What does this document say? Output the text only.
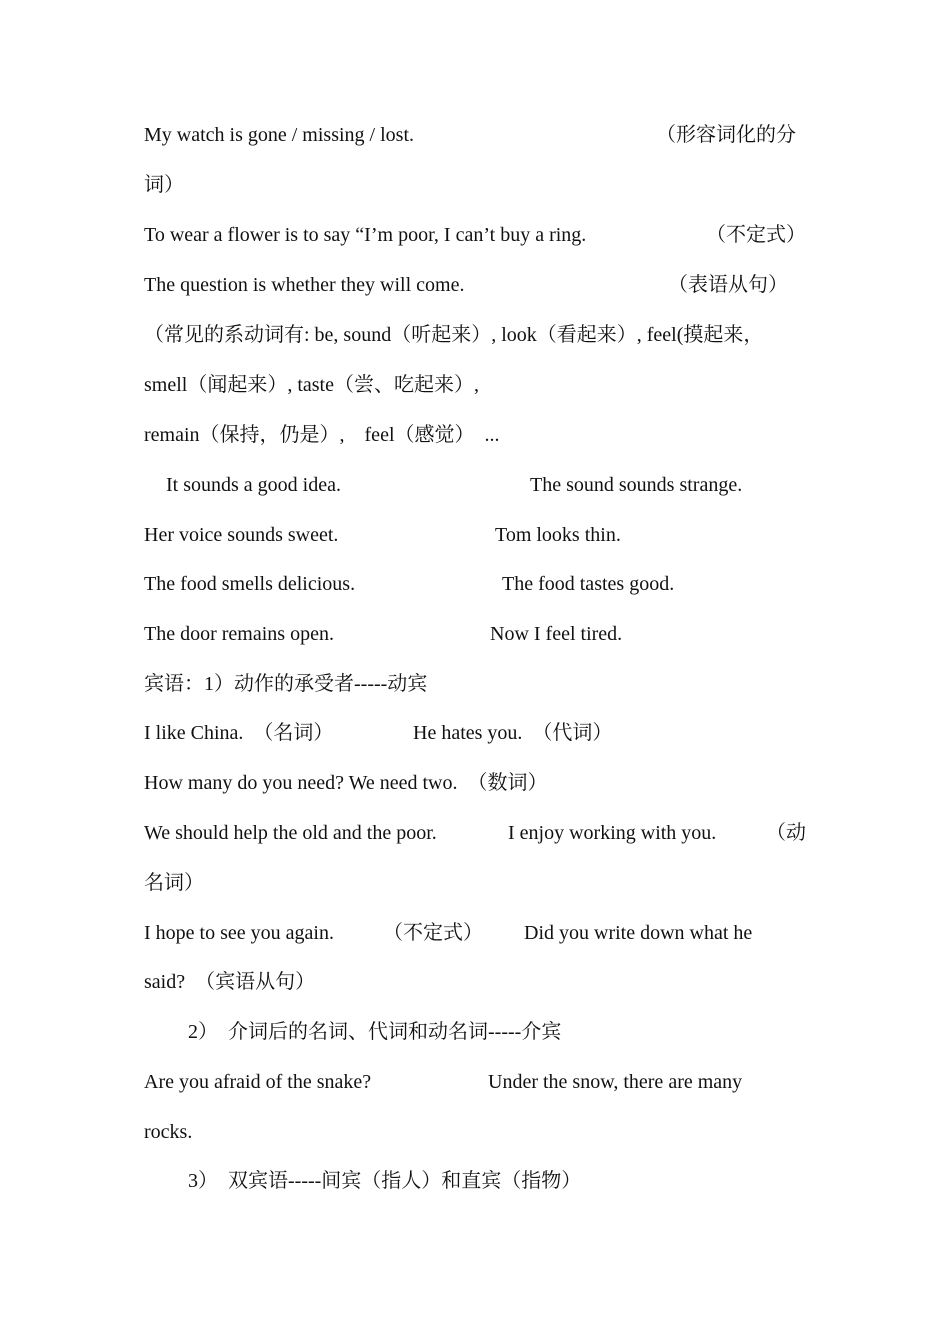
My watch is gone / missing / lost.	（形容词化的分
词）
To wear a flower is to say “I’m poor, I can’t buy a ring.	（不定式）
The question is whether they will come.	（表语从句）
（常见的系动词有: be, sound（听起来）, look（看起来）, feel(摸起来，
smell（闻起来）, taste（尝、吃起来）,
remain（保持，仍是）,    feel（感觉）  ...
It sounds a good idea.	The sound sounds strange.
Her voice sounds sweet.	Tom looks thin.
The food smells delicious.	The food tastes good.
The door remains open.	Now I feel tired.
宾语：1）动作的承受者-----动宾
I like China.  （名词）	He hates you.  （代词）
How many do you need? We need two.  （数词）
We should help the old and the poor.	I enjoy working with you. （动
名词）
I hope to see you again. （不定式） Did you write down what he
said?  （宾语从句）
2）  介词后的名词、代词和动名词-----介宾
Are you afraid of the snake?	Under the snow, there are many
rocks.
3）  双宾语-----间宾（指人）和直宾（指物）
